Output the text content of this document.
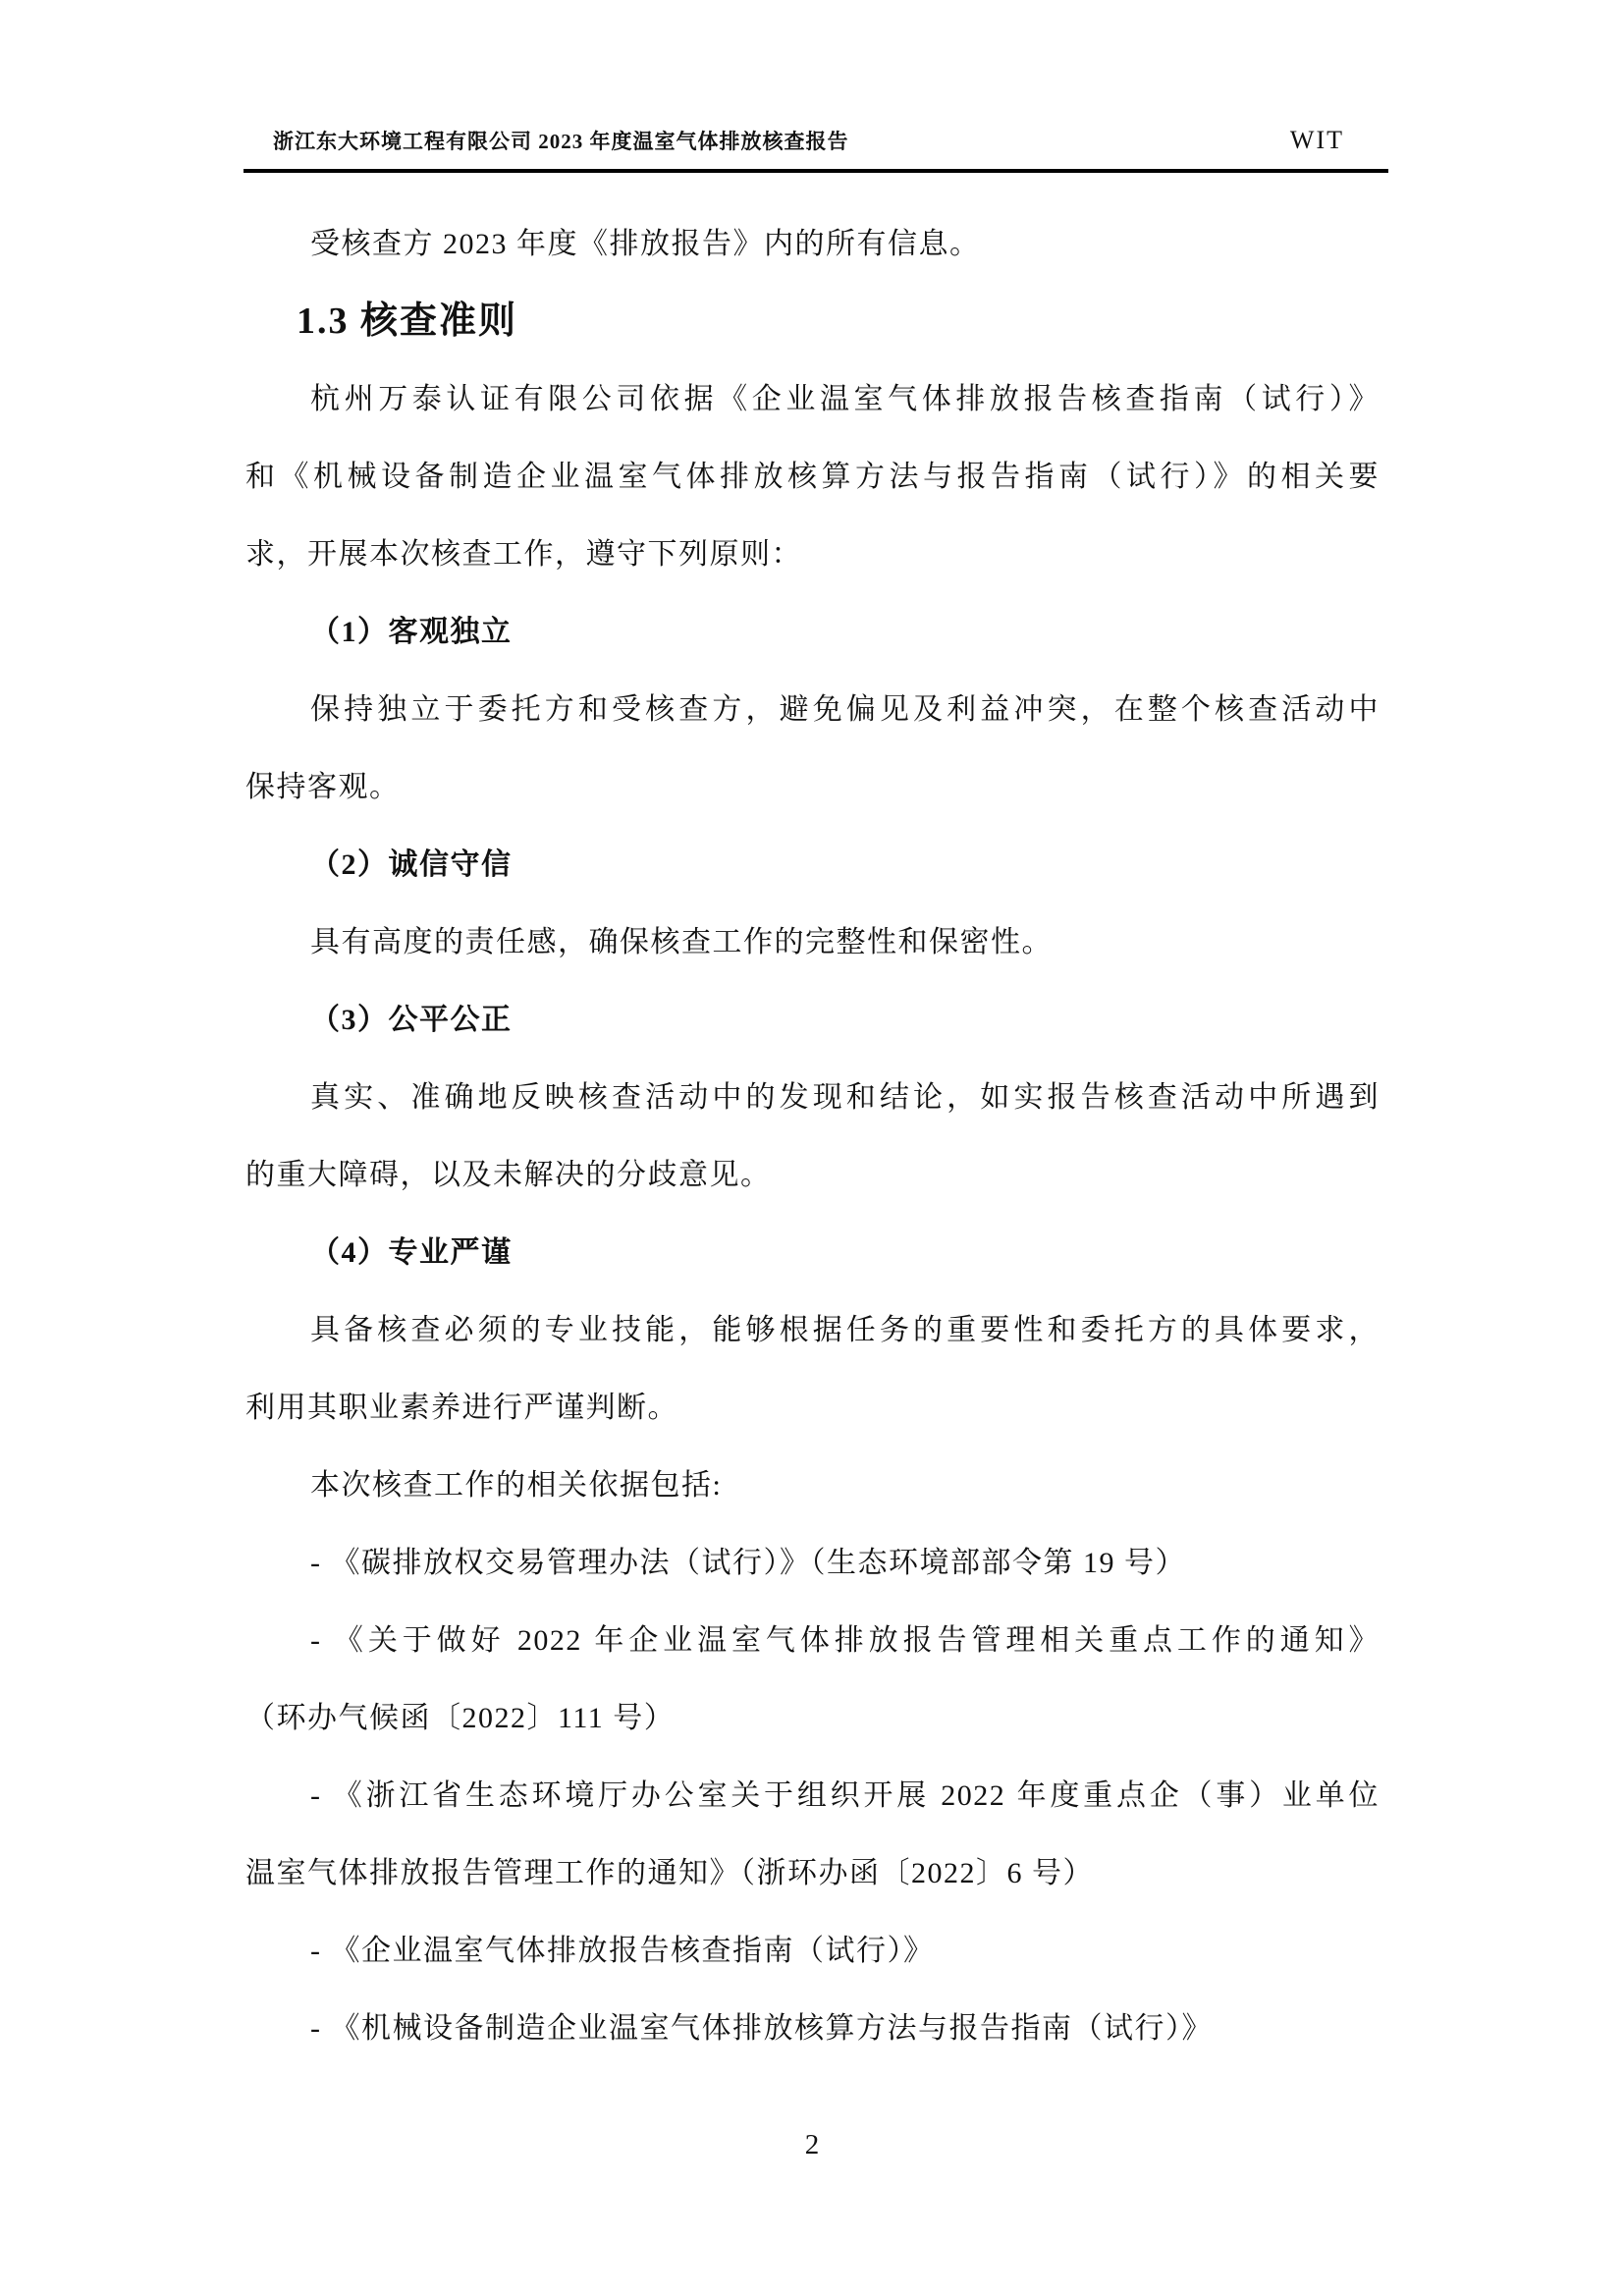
浙江东大环境工程有限公司 2023 年度温室气体排放核查报告	WIT
受核查方 2023 年度《排放报告》内的所有信息。
1.3 核查准则
杭州万泰认证有限公司依据《企业温室气体排放报告核查指南（试行）》
和《机械设备制造企业温室气体排放核算方法与报告指南（试行）》的相关要
求，开展本次核查工作，遵守下列原则：
（1）客观独立
保持独立于委托方和受核查方，避免偏见及利益冲突，在整个核查活动中
保持客观。
（2）诚信守信
具有高度的责任感，确保核查工作的完整性和保密性。
（3）公平公正
真实、准确地反映核查活动中的发现和结论，如实报告核查活动中所遇到
的重大障碍，以及未解决的分歧意见。
（4）专业严谨
具备核查必须的专业技能，能够根据任务的重要性和委托方的具体要求，
利用其职业素养进行严谨判断。
本次核查工作的相关依据包括:
- 《碳排放权交易管理办法（试行）》（生态环境部部令第 19 号）
- 《关于做好 2022 年企业温室气体排放报告管理相关重点工作的通知》
（环办气候函〔2022〕111 号）
- 《浙江省生态环境厅办公室关于组织开展 2022 年度重点企（事）业单位
温室气体排放报告管理工作的通知》（浙环办函〔2022〕6 号）
- 《企业温室气体排放报告核查指南（试行）》
- 《机械设备制造企业温室气体排放核算方法与报告指南（试行）》
2
